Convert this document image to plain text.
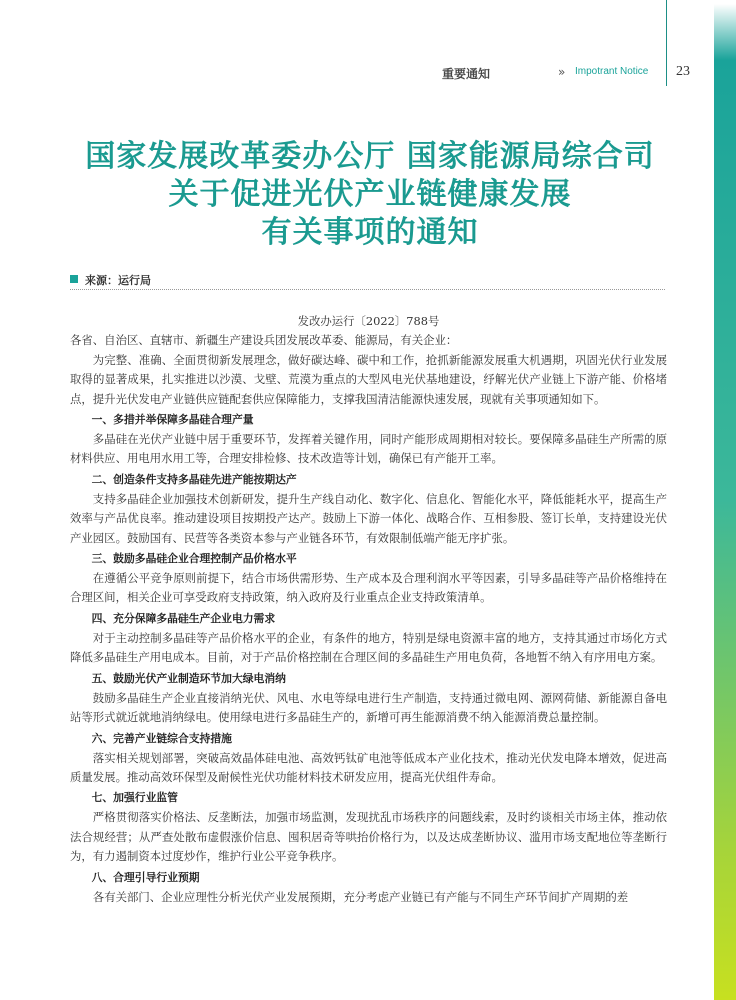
重要通知	» Impotrant Notice 23
国家发展改革委办公厅 国家能源局综合司
关于促进光伏产业链健康发展
有关事项的通知
来源：运行局

发改办运行〔2022〕788号

各省、自治区、直辖市、新疆生产建设兵团发展改革委、能源局，有关企业：

为完整、准确、全面贯彻新发展理念，做好碳达峰、碳中和工作，抢抓新能源发展重大机遇期，巩固光伏行业发展取得的显著成果，扎实推进以沙漠、戈壁、荒漠为重点的大型风电光伏基地建设，纾解光伏产业链上下游产能、价格堵点，提升光伏发电产业链供应链配套供应保障能力，支撑我国清洁能源快速发展，现就有关事项通知如下。

一、多措并举保障多晶硅合理产量

多晶硅在光伏产业链中居于重要环节，发挥着关键作用，同时产能形成周期相对较长。要保障多晶硅生产所需的原材料供应、用电用水用工等，合理安排检修、技术改造等计划，确保已有产能开工率。

二、创造条件支持多晶硅先进产能按期达产

支持多晶硅企业加强技术创新研发，提升生产线自动化、数字化、信息化、智能化水平，降低能耗水平，提高生产效率与产品优良率。推动建设项目按期投产达产。鼓励上下游一体化、战略合作、互相参股、签订长单，支持建设光伏产业园区。鼓励国有、民营等各类资本参与产业链各环节，有效限制低端产能无序扩张。

三、鼓励多晶硅企业合理控制产品价格水平

在遵循公平竞争原则前提下，结合市场供需形势、生产成本及合理利润水平等因素，引导多晶硅等产品价格维持在合理区间，相关企业可享受政府支持政策，纳入政府及行业重点企业支持政策清单。

四、充分保障多晶硅生产企业电力需求

对于主动控制多晶硅等产品价格水平的企业，有条件的地方，特别是绿电资源丰富的地方，支持其通过市场化方式降低多晶硅生产用电成本。目前，对于产品价格控制在合理区间的多晶硅生产用电负荷，各地暂不纳入有序用电方案。

五、鼓励光伏产业制造环节加大绿电消纳

鼓励多晶硅生产企业直接消纳光伏、风电、水电等绿电进行生产制造，支持通过微电网、源网荷储、新能源自备电站等形式就近就地消纳绿电。使用绿电进行多晶硅生产的，新增可再生能源消费不纳入能源消费总量控制。

六、完善产业链综合支持措施

落实相关规划部署，突破高效晶体硅电池、高效钙钛矿电池等低成本产业化技术，推动光伏发电降本增效，促进高质量发展。推动高效环保型及耐候性光伏功能材料技术研发应用，提高光伏组件寿命。

七、加强行业监管

严格贯彻落实价格法、反垄断法，加强市场监测，发现扰乱市场秩序的问题线索，及时约谈相关市场主体，推动依法合规经营；从严查处散布虚假涨价信息、囤积居奇等哄抬价格行为，以及达成垄断协议、滥用市场支配地位等垄断行为，有力遏制资本过度炒作，维护行业公平竞争秩序。

八、合理引导行业预期

各有关部门、企业应理性分析光伏产业发展预期，充分考虑产业链已有产能与不同生产环节间扩产周期的差
